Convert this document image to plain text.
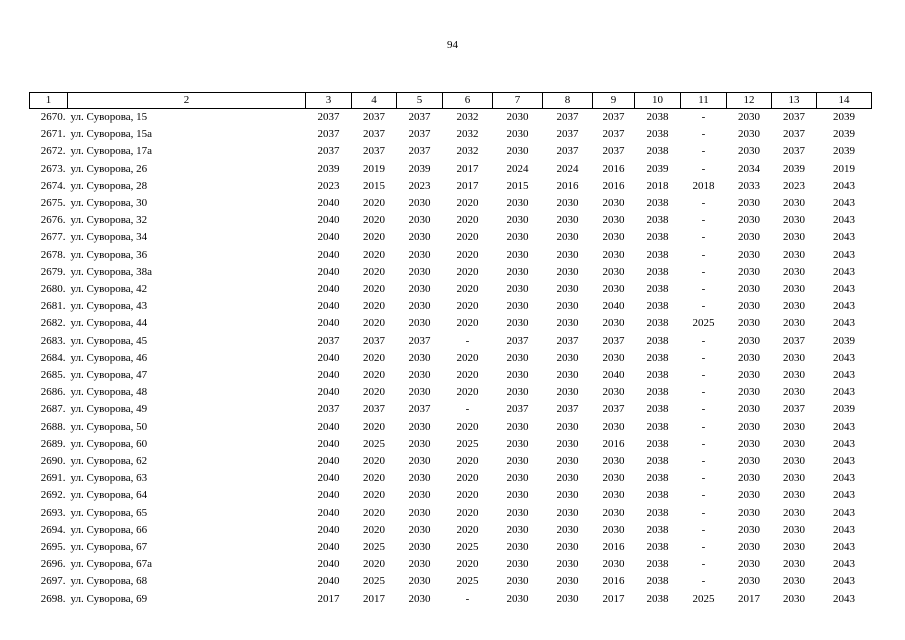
94
1	2	3	4	5	6	7	8	9	10	11	12	13	14
2670.	ул. Суворова, 15	2037	2037	2037	2032	2030	2037	2037	2038	-	2030	2037	2039
2671.	ул. Суворова, 15а	2037	2037	2037	2032	2030	2037	2037	2038	-	2030	2037	2039
2672.	ул. Суворова, 17а	2037	2037	2037	2032	2030	2037	2037	2038	-	2030	2037	2039
2673.	ул. Суворова, 26	2039	2019	2039	2017	2024	2024	2016	2039	-	2034	2039	2019
2674.	ул. Суворова, 28	2023	2015	2023	2017	2015	2016	2016	2018	2018	2033	2023	2043
2675.	ул. Суворова, 30	2040	2020	2030	2020	2030	2030	2030	2038	-	2030	2030	2043
2676.	ул. Суворова, 32	2040	2020	2030	2020	2030	2030	2030	2038	-	2030	2030	2043
2677.	ул. Суворова, 34	2040	2020	2030	2020	2030	2030	2030	2038	-	2030	2030	2043
2678.	ул. Суворова, 36	2040	2020	2030	2020	2030	2030	2030	2038	-	2030	2030	2043
2679.	ул. Суворова, 38а	2040	2020	2030	2020	2030	2030	2030	2038	-	2030	2030	2043
2680.	ул. Суворова, 42	2040	2020	2030	2020	2030	2030	2030	2038	-	2030	2030	2043
2681.	ул. Суворова, 43	2040	2020	2030	2020	2030	2030	2040	2038	-	2030	2030	2043
2682.	ул. Суворова, 44	2040	2020	2030	2020	2030	2030	2030	2038	2025	2030	2030	2043
2683.	ул. Суворова, 45	2037	2037	2037	-	2037	2037	2037	2038	-	2030	2037	2039
2684.	ул. Суворова, 46	2040	2020	2030	2020	2030	2030	2030	2038	-	2030	2030	2043
2685.	ул. Суворова, 47	2040	2020	2030	2020	2030	2030	2040	2038	-	2030	2030	2043
2686.	ул. Суворова, 48	2040	2020	2030	2020	2030	2030	2030	2038	-	2030	2030	2043
2687.	ул. Суворова, 49	2037	2037	2037	-	2037	2037	2037	2038	-	2030	2037	2039
2688.	ул. Суворова, 50	2040	2020	2030	2020	2030	2030	2030	2038	-	2030	2030	2043
2689.	ул. Суворова, 60	2040	2025	2030	2025	2030	2030	2016	2038	-	2030	2030	2043
2690.	ул. Суворова, 62	2040	2020	2030	2020	2030	2030	2030	2038	-	2030	2030	2043
2691.	ул. Суворова, 63	2040	2020	2030	2020	2030	2030	2030	2038	-	2030	2030	2043
2692.	ул. Суворова, 64	2040	2020	2030	2020	2030	2030	2030	2038	-	2030	2030	2043
2693.	ул. Суворова, 65	2040	2020	2030	2020	2030	2030	2030	2038	-	2030	2030	2043
2694.	ул. Суворова, 66	2040	2020	2030	2020	2030	2030	2030	2038	-	2030	2030	2043
2695.	ул. Суворова, 67	2040	2025	2030	2025	2030	2030	2016	2038	-	2030	2030	2043
2696.	ул. Суворова, 67а	2040	2020	2030	2020	2030	2030	2030	2038	-	2030	2030	2043
2697.	ул. Суворова, 68	2040	2025	2030	2025	2030	2030	2016	2038	-	2030	2030	2043
2698.	ул. Суворова, 69	2017	2017	2030	-	2030	2030	2017	2038	2025	2017	2030	2043
